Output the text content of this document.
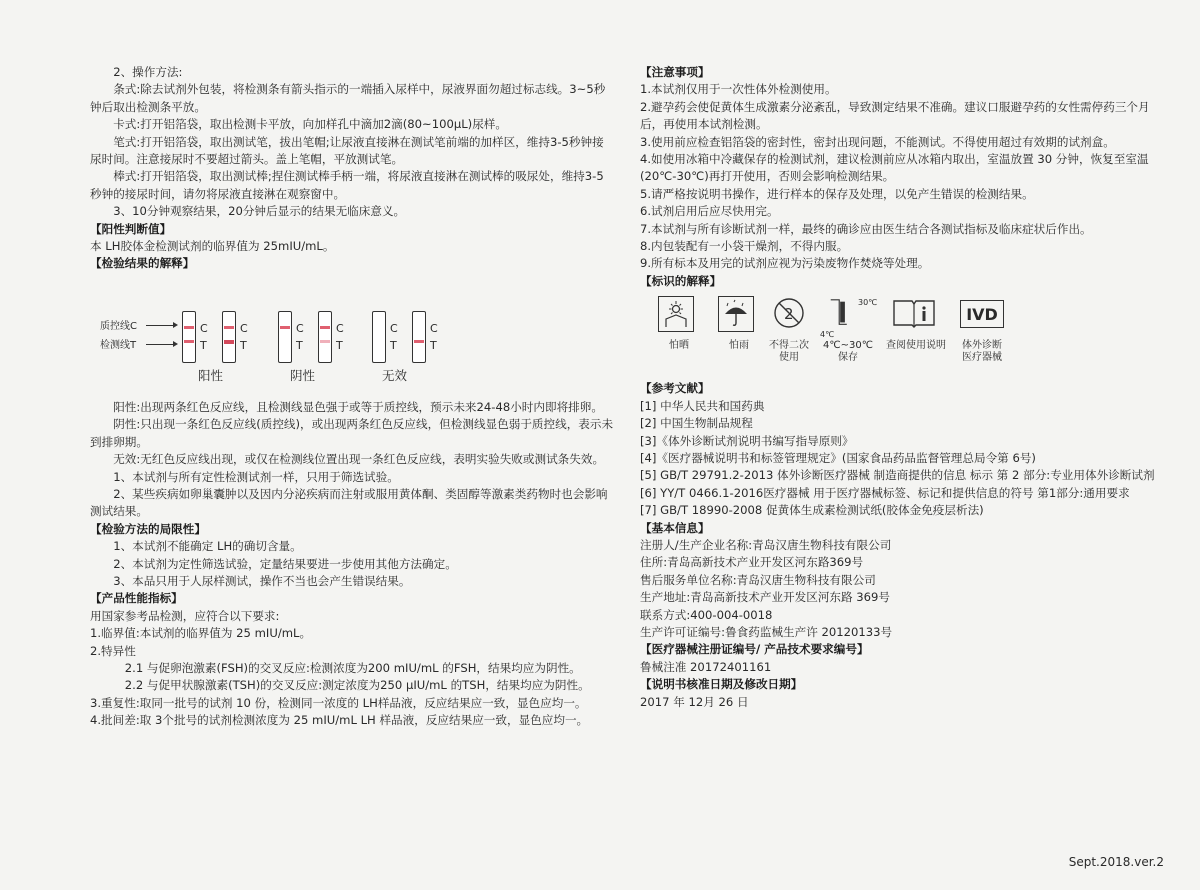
2、操作方法:

条式:除去试剂外包装，将检测条有箭头指示的一端插入尿样中，尿液界面勿超过标志线。3~5秒钟后取出检测条平放。

卡式:打开铝箔袋，取出检测卡平放，向加样孔中滴加2滴(80~100μL)尿样。

笔式:打开铝箔袋，取出测试笔，拔出笔帽;让尿液直接淋在测试笔前端的加样区，维持3-5秒钟接尿时间。注意接尿时不要超过箭头。盖上笔帽，平放测试笔。

棒式:打开铝箔袋，取出测试棒;捏住测试棒手柄一端，将尿液直接淋在测试棒的吸尿处，维持3-5秒钟的接尿时间，请勿将尿液直接淋在观察窗中。

3、10分钟观察结果，20分钟后显示的结果无临床意义。

【阳性判断值】

本 LH胶体金检测试剂的临界值为 25mIU/mL。

【检验结果的解释】

质控线C
检测线T
C
T
C
T
阳性
C
T
C
T
阴性
C
T
C
T
无效

阳性:出现两条红色反应线，且检测线显色强于或等于质控线，预示未来24-48小时内即将排卵。

阴性:只出现一条红色反应线(质控线)，或出现两条红色反应线，但检测线显色弱于质控线，表示未到排卵期。

无效:无红色反应线出现，或仅在检测线位置出现一条红色反应线，表明实验失败或测试条失效。

1、本试剂与所有定性检测试剂一样，只用于筛选试验。

2、某些疾病如卵巢囊肿以及因内分泌疾病而注射或服用黄体酮、类固醇等激素类药物时也会影响测试结果。

【检验方法的局限性】

1、本试剂不能确定 LH的确切含量。

2、本试剂为定性筛选试验，定量结果要进一步使用其他方法确定。

3、本品只用于人尿样测试，操作不当也会产生错误结果。

【产品性能指标】

用国家参考品检测，应符合以下要求:

1.临界值:本试剂的临界值为 25 mIU/mL。

2.特异性

2.1 与促卵泡激素(FSH)的交叉反应:检测浓度为200 mIU/mL 的FSH，结果均应为阴性。

2.2 与促甲状腺激素(TSH)的交叉反应:测定浓度为250 μIU/mL 的TSH，结果均应为阴性。

3.重复性:取同一批号的试剂 10 份，检测同一浓度的 LH样品液，反应结果应一致，显色应均一。

4.批间差:取 3个批号的试剂检测浓度为 25 mIU/mL LH 样品液，反应结果应一致，显色应均一。

【注意事项】

1.本试剂仅用于一次性体外检测使用。

2.避孕药会使促黄体生成激素分泌紊乱，导致测定结果不准确。建议口服避孕药的女性需停药三个月后，再使用本试剂检测。

3.使用前应检查铝箔袋的密封性，密封出现问题，不能测试。不得使用超过有效期的试剂盒。

4.如使用冰箱中冷藏保存的检测试剂，建议检测前应从冰箱内取出，室温放置 30 分钟，恢复至室温(20℃-30℃)再打开使用，否则会影响检测结果。

5.请严格按说明书操作，进行样本的保存及处理，以免产生错误的检测结果。

6.试剂启用后应尽快用完。

7.本试剂与所有诊断试剂一样，最终的确诊应由医生结合各测试指标及临床症状后作出。

8.内包装配有一小袋干燥剂，不得内服。

9.所有标本及用完的试剂应视为污染废物作焚烧等处理。

【标识的解释】

怕晒	怕雨
2
不得二次
使用
30℃
4℃
4℃~30℃
保存
查阅使用说明
IVD
体外诊断
医疗器械

【参考文献】

[1] 中华人民共和国药典

[2] 中国生物制品规程

[3]《体外诊断试剂说明书编写指导原则》

[4]《医疗器械说明书和标签管理规定》(国家食品药品监督管理总局令第 6号)

[5] GB/T 29791.2-2013 体外诊断医疗器械 制造商提供的信息 标示 第 2 部分:专业用体外诊断试剂

[6] YY/T 0466.1-2016医疗器械 用于医疗器械标签、标记和提供信息的符号 第1部分:通用要求

[7] GB/T 18990-2008 促黄体生成素检测试纸(胶体金免疫层析法)

【基本信息】

注册人/生产企业名称:青岛汉唐生物科技有限公司

住所:青岛高新技术产业开发区河东路369号

售后服务单位名称:青岛汉唐生物科技有限公司

生产地址:青岛高新技术产业开发区河东路 369号

联系方式:400-004-0018

生产许可证编号:鲁食药监械生产许 20120133号

【医疗器械注册证编号/ 产品技术要求编号】

鲁械注准 20172401161

【说明书核准日期及修改日期】

2017 年 12月 26 日

Sept.2018.ver.2
